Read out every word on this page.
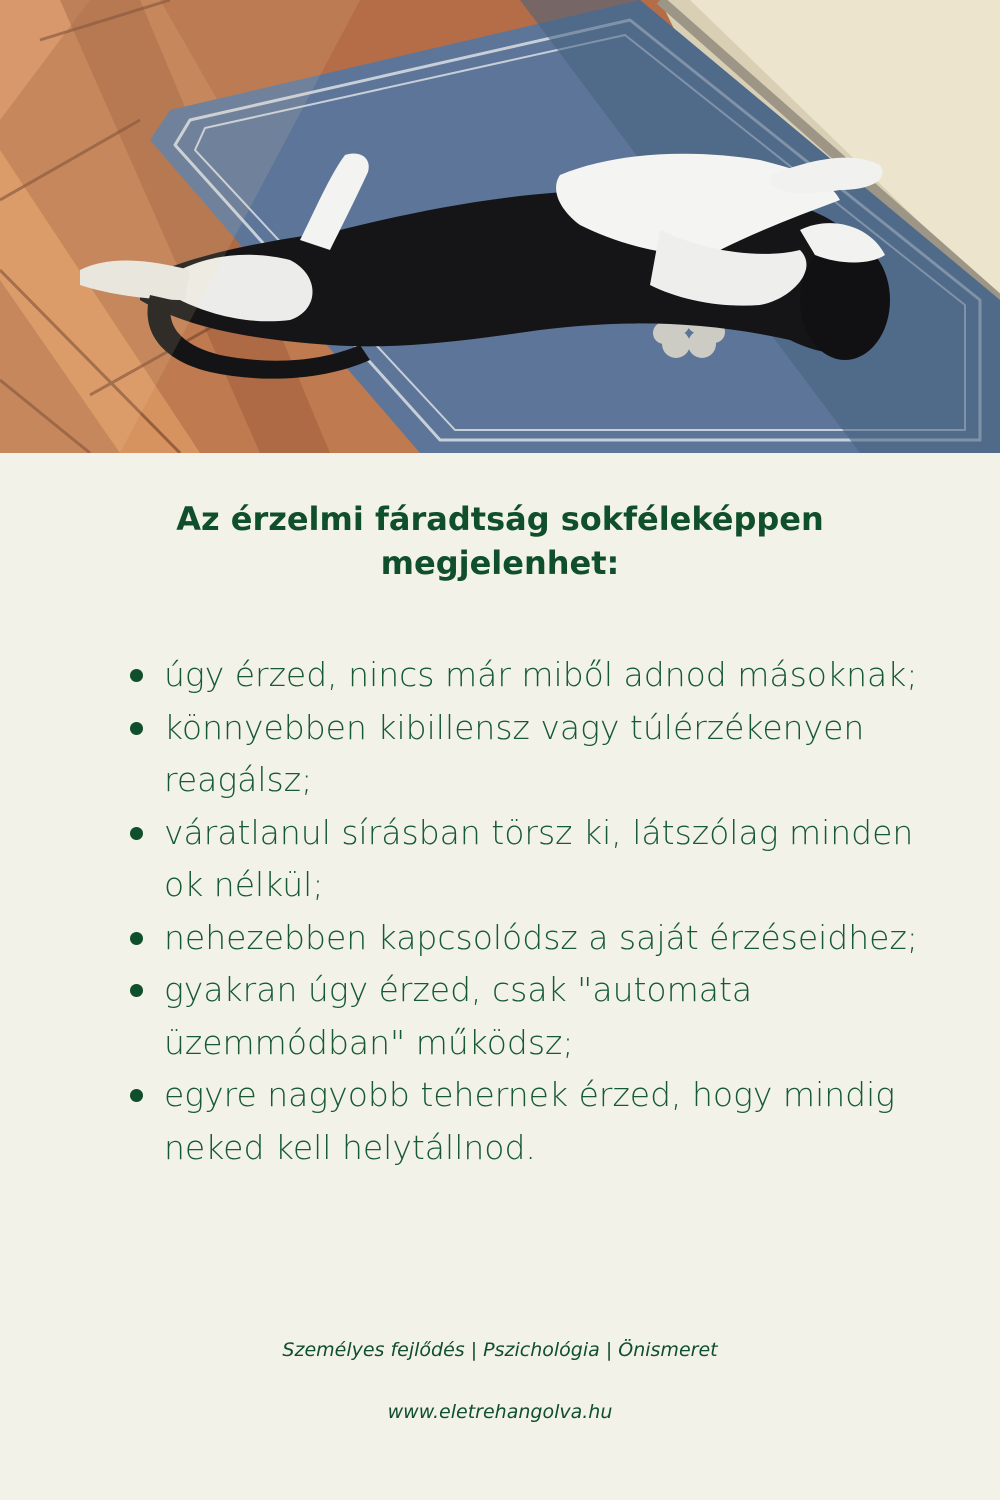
Az érzelmi fáradtság sokféleképpen megjelenhet:
úgy érzed, nincs már miből adnod másoknak;
könnyebben kibillensz vagy túlérzékenyen reagálsz;
váratlanul sírásban törsz ki, látszólag minden ok nélkül;
nehezebben kapcsolódsz a saját érzéseidhez;
gyakran úgy érzed, csak "automata üzemmódban" működsz;
egyre nagyobb tehernek érzed, hogy mindig neked kell helytállnod.
Személyes fejlődés | Pszichológia | Önismeret
www.eletrehangolva.hu
